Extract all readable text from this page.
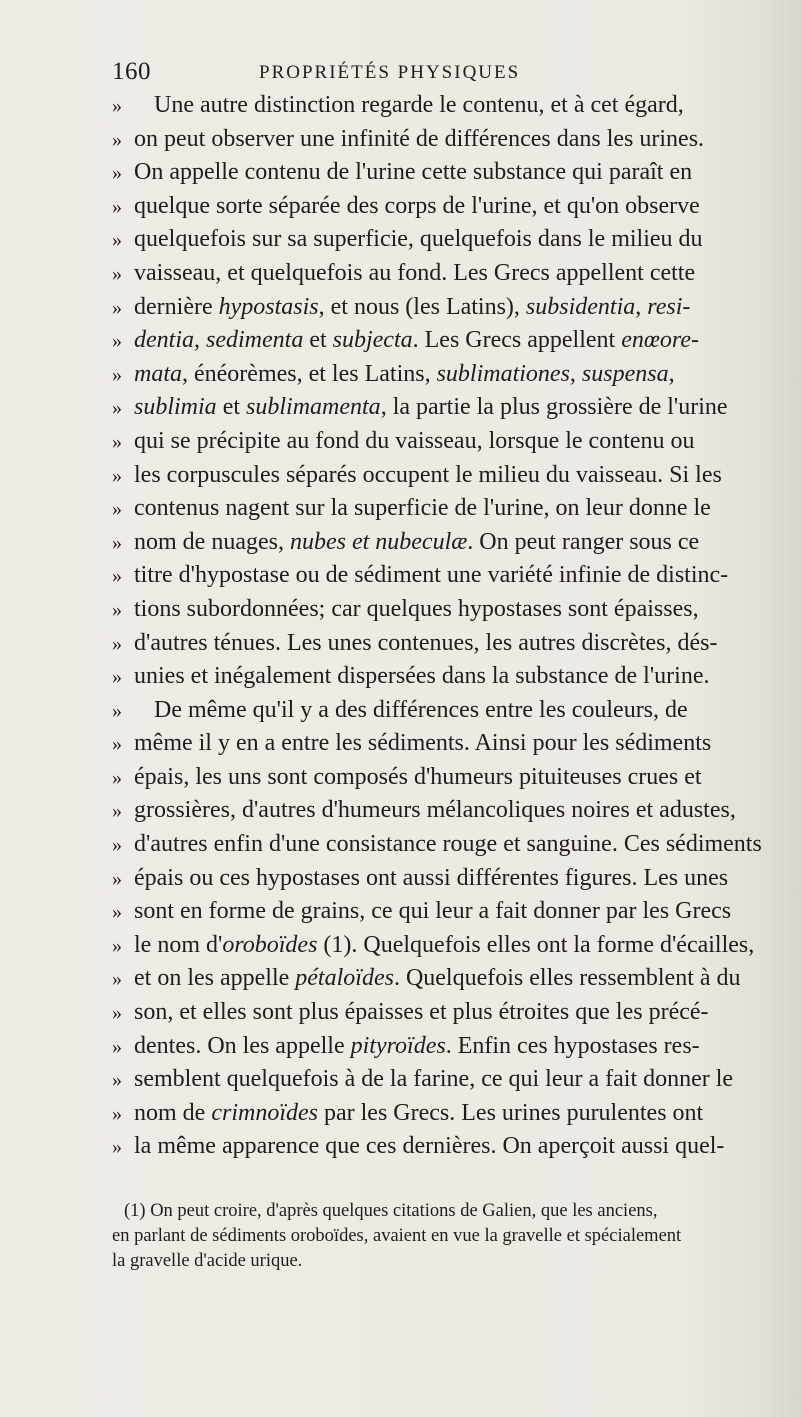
160	PROPRIÉTÉS PHYSIQUES
» Une autre distinction regarde le contenu, et à cet égard,
» on peut observer une infinité de différences dans les urines.
» On appelle contenu de l'urine cette substance qui paraît en
» quelque sorte séparée des corps de l'urine, et qu'on observe
» quelquefois sur sa superficie, quelquefois dans le milieu du
» vaisseau, et quelquefois au fond. Les Grecs appellent cette
» dernière hypostasis, et nous (les Latins), subsidentia, resi-
» dentia, sedimenta et subjecta. Les Grecs appellent enœore-
» mata, énéorèmes, et les Latins, sublimationes, suspensa,
» sublimia et sublimamenta, la partie la plus grossière de l'urine
» qui se précipite au fond du vaisseau, lorsque le contenu ou
» les corpuscules séparés occupent le milieu du vaisseau. Si les
» contenus nagent sur la superficie de l'urine, on leur donne le
» nom de nuages, nubes et nubeculæ. On peut ranger sous ce
» titre d'hypostase ou de sédiment une variété infinie de distinc-
» tions subordonnées; car quelques hypostases sont épaisses,
» d'autres ténues. Les unes contenues, les autres discrètes, dés-
» unies et inégalement dispersées dans la substance de l'urine.
» De même qu'il y a des différences entre les couleurs, de
» même il y en a entre les sédiments. Ainsi pour les sédiments
» épais, les uns sont composés d'humeurs pituiteuses crues et
» grossières, d'autres d'humeurs mélancoliques noires et adustes,
» d'autres enfin d'une consistance rouge et sanguine. Ces sédiments
» épais ou ces hypostases ont aussi différentes figures. Les unes
» sont en forme de grains, ce qui leur a fait donner par les Grecs
» le nom d'oroboïdes (1). Quelquefois elles ont la forme d'écailles,
» et on les appelle pétaloïdes. Quelquefois elles ressemblent à du
» son, et elles sont plus épaisses et plus étroites que les précé-
» dentes. On les appelle pityroïdes. Enfin ces hypostases res-
» semblent quelquefois à de la farine, ce qui leur a fait donner le
» nom de crimnoïdes par les Grecs. Les urines purulentes ont
» la même apparence que ces dernières. On aperçoit aussi quel-
(1) On peut croire, d'après quelques citations de Galien, que les anciens,
en parlant de sédiments oroboïdes, avaient en vue la gravelle et spécialement
la gravelle d'acide urique.
